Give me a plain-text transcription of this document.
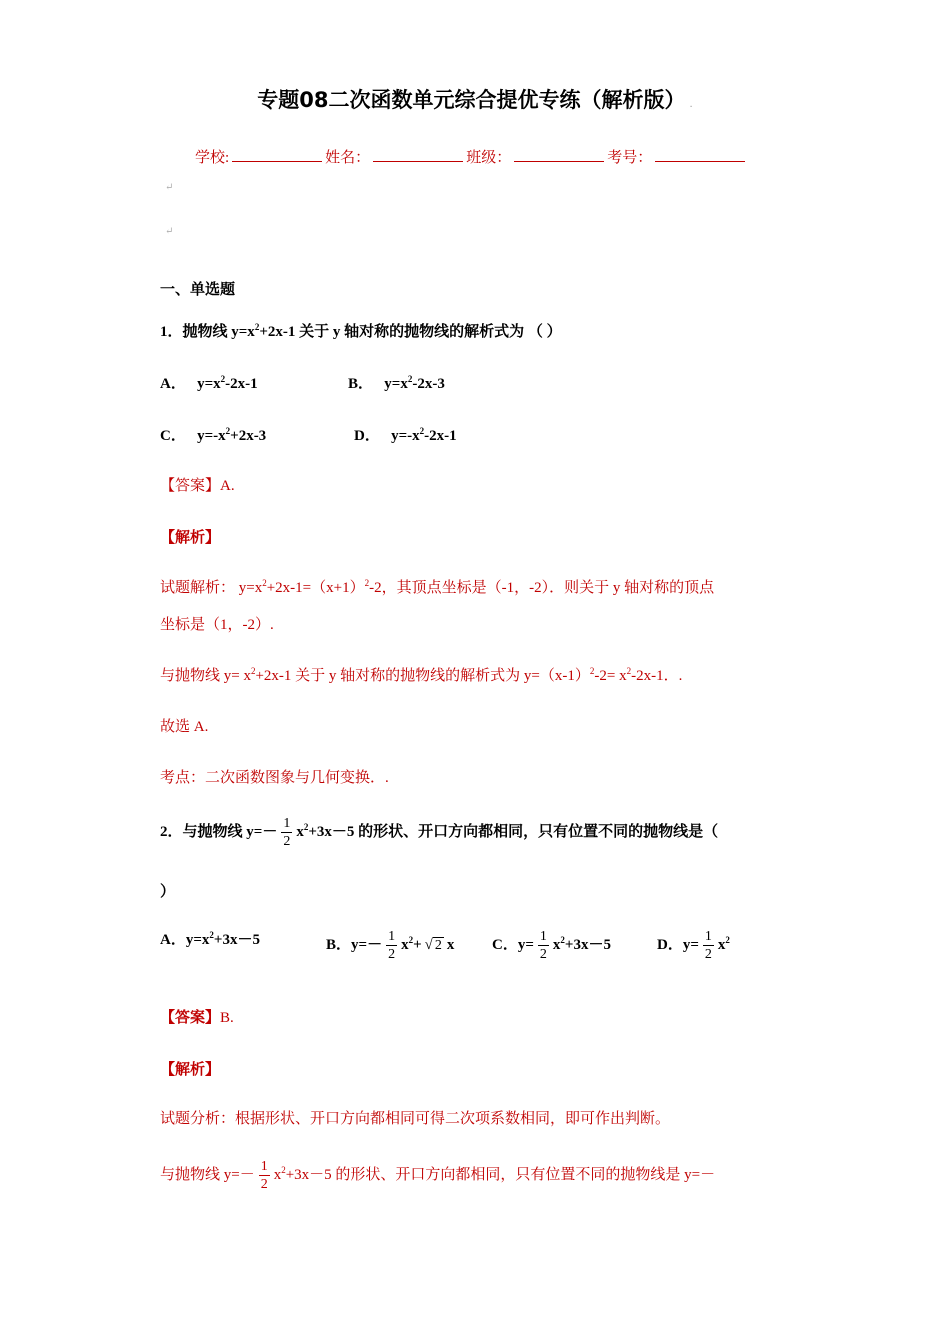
专题08二次函数单元综合提优专练（解析版） .
学校:	姓名：	班级：	考号：
↵
↵
一、单选题
1．抛物线 $y=x^2+2x-1$ 关于 y 轴对称的抛物线的解析式为 （ ）
A． $y=x^2-2x-1$	B． $y=x^2-2x-3$
C． $y=-x^2+2x-3$	D． $y=-x^2-2x-1$
【答案】A.
【解析】
试题解析： $y=x^2+2x-1=(x+1)^2-2$，其顶点坐标是（-1，-2）．则关于 y 轴对称的顶点
坐标是（1，-2）.
与抛物线 $y= x^2+2x-1$ 关于 y 轴对称的抛物线的解析式为 $y=(x-1)^2-2= x^2-2x-1$．.
故选 A.
考点：二次函数图象与几何变换．.
2．与抛物线 $y=- \frac{1}{2} x^2+3x-5$ 的形状、开口方向都相同，只有位置不同的抛物线是（
）
A．$y=x^2+3x-5$	B．$y=- \frac{1}{2} x^2+$ √ 2 x	C．$y= \frac{1}{2} x^2+3x-5$	D．$y= \frac{1}{2} x^2$
【答案】B.
【解析】
试题分析：根据形状、开口方向都相同可得二次项系数相同，即可作出判断。
与抛物线 $y=- \frac{1}{2} x^2+3x-5$ 的形状、开口方向都相同，只有位置不同的抛物线是 y=－
